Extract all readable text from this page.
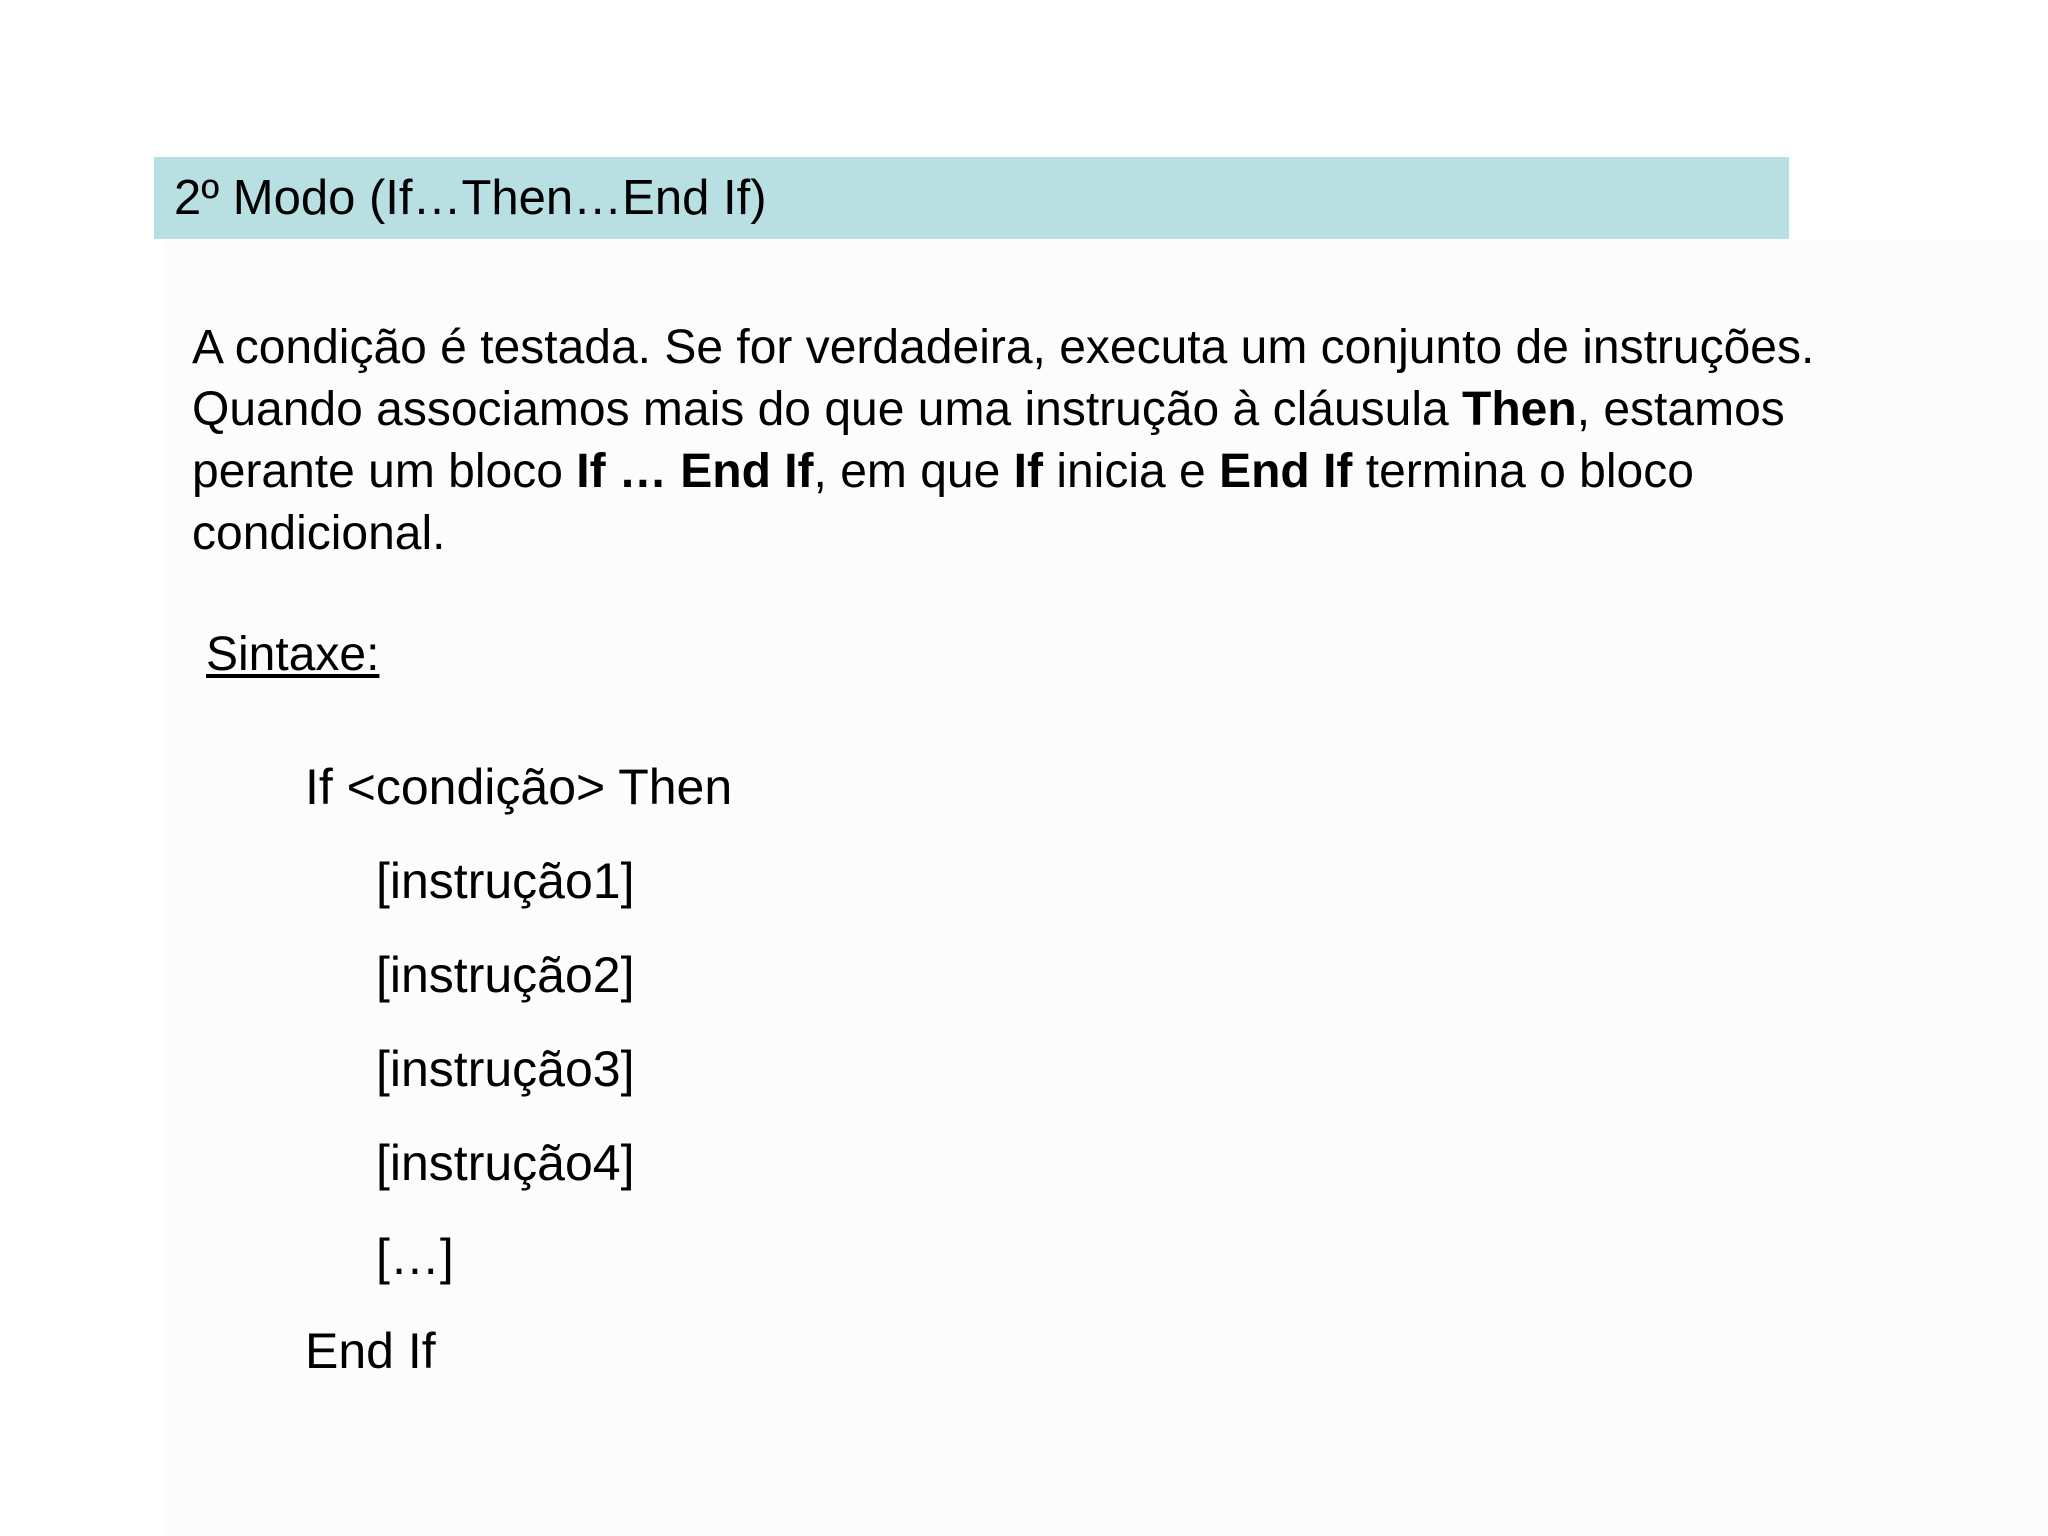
2º Modo (If…Then…End If)

A condição é testada. Se for verdadeira, executa um conjunto de instruções. Quando associamos mais do que uma instrução à cláusula Then, estamos perante um bloco If … End If, em que If inicia e End If termina o bloco condicional.

Sintaxe:
If <condição> Then
[instrução1]
[instrução2]
[instrução3]
[instrução4]
[…]
End If
